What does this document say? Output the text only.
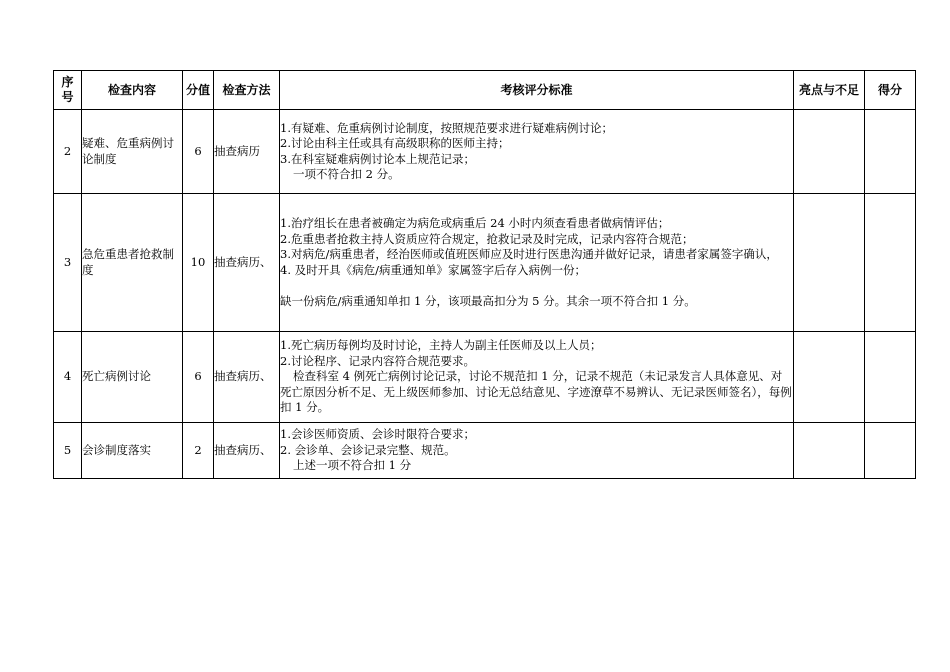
序号	检查内容	分值	检查方法	考核评分标准	亮点与不足	得分
2	疑难、危重病例讨论制度	6	抽查病历	1.有疑难、危重病例讨论制度，按照规范要求进行疑难病例讨论；
2.讨论由科主任或具有高级职称的医师主持；
3.在科室疑难病例讨论本上规范记录；
一项不符合扣 2 分。		

3	急危重患者抢救制度	10	抽查病历、	1.治疗组长在患者被确定为病危或病重后 24 小时内须查看患者做病情评估；
2.危重患者抢救主持人资质应符合规定，抢救记录及时完成，记录内容符合规范；
3.对病危/病重患者，经治医师或值班医师应及时进行医患沟通并做好记录，请患者家属签字确认，
4. 及时开具《病危/病重通知单》家属签字后存入病例一份；
缺一份病危/病重通知单扣 1 分，该项最高扣分为 5 分。其余一项不符合扣 1 分。		

4	死亡病例讨论	6	抽查病历、	1.死亡病历每例均及时讨论，主持人为副主任医师及以上人员；
2.讨论程序、记录内容符合规范要求。
检查科室 4 例死亡病例讨论记录，讨论不规范扣 1 分，记录不规范（未记录发言人具体意见、对死亡原因分析不足、无上级医师参加、讨论无总结意见、字迹潦草不易辨认、无记录医师签名），每例扣 1 分。		

5	会诊制度落实	2	抽查病历、	1.会诊医师资质、会诊时限符合要求；
2. 会诊单、会诊记录完整、规范。
上述一项不符合扣 1 分		
